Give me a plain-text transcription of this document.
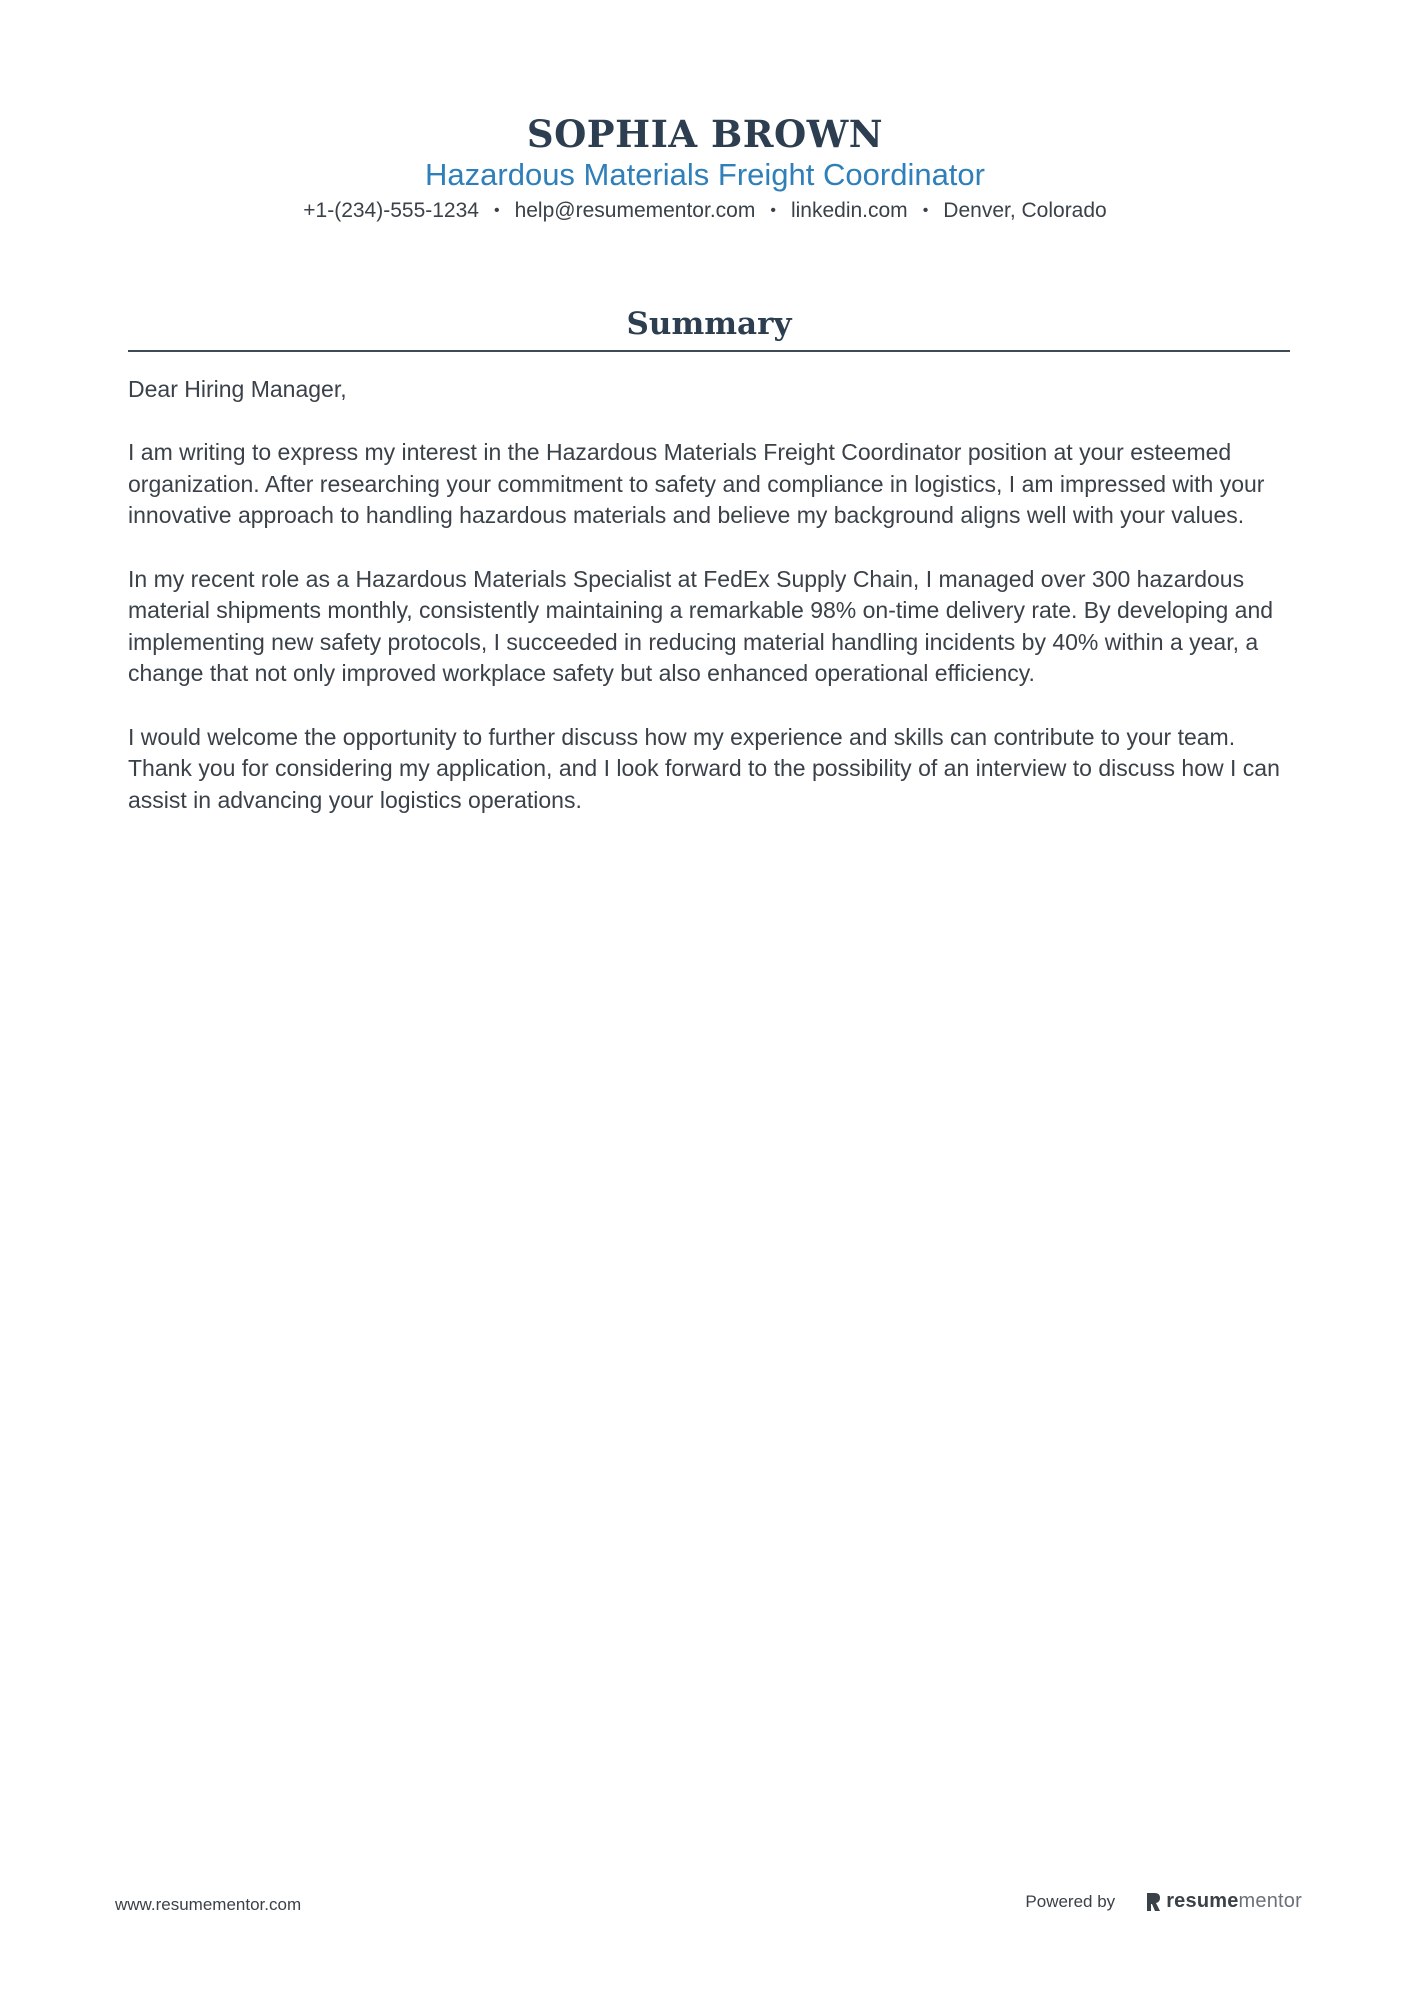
SOPHIA BROWN
Hazardous Materials Freight Coordinator
+1-(234)-555-1234 • help@resumementor.com • linkedin.com • Denver, Colorado
Summary

Dear Hiring Manager,

I am writing to express my interest in the Hazardous Materials Freight Coordinator position at your esteemed organization. After researching your commitment to safety and compliance in logistics, I am impressed with your innovative approach to handling hazardous materials and believe my background aligns well with your values.

In my recent role as a Hazardous Materials Specialist at FedEx Supply Chain, I managed over 300 hazardous material shipments monthly, consistently maintaining a remarkable 98% on-time delivery rate. By developing and implementing new safety protocols, I succeeded in reducing material handling incidents by 40% within a year, a change that not only improved workplace safety but also enhanced operational efficiency.

I would welcome the opportunity to further discuss how my experience and skills can contribute to your team. Thank you for considering my application, and I look forward to the possibility of an interview to discuss how I can assist in advancing your logistics operations.

www.resumementor.com	Powered by	resume mentor
